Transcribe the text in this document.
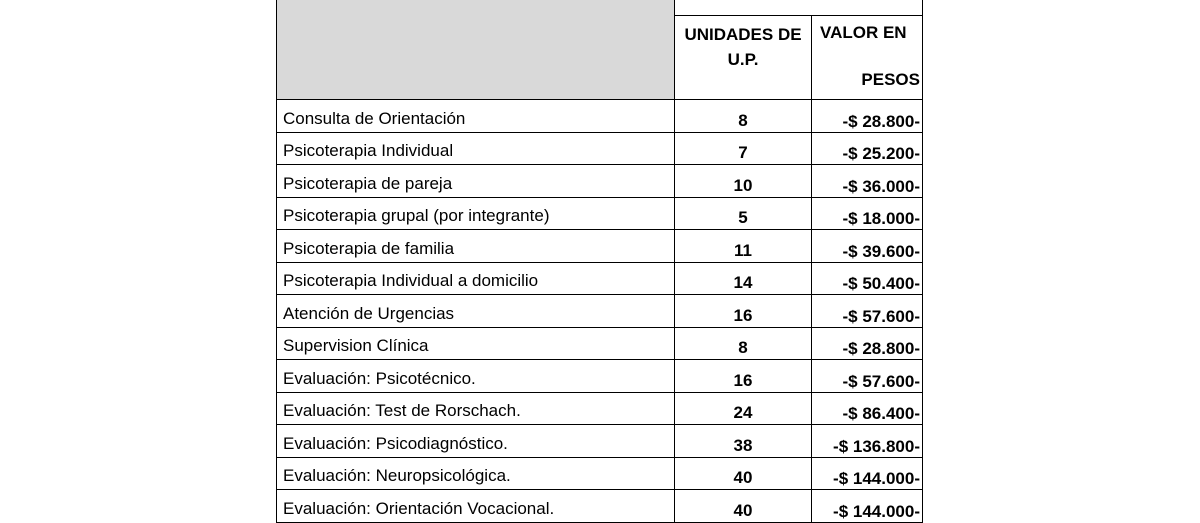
	UNIDADES DE U.P.	VALOR EN
PESOS

Consulta de Orientación	8	-$ 28.800-
Psicoterapia Individual	7	-$ 25.200-
Psicoterapia de pareja	10	-$ 36.000-
Psicoterapia grupal (por integrante)	5	-$ 18.000-
Psicoterapia de familia	11	-$ 39.600-
Psicoterapia Individual a domicilio	14	-$ 50.400-
Atención de Urgencias	16	-$ 57.600-
Supervision Clínica	8	-$ 28.800-
Evaluación: Psicotécnico.	16	-$ 57.600-
Evaluación: Test de Rorschach.	24	-$ 86.400-
Evaluación: Psicodiagnóstico.	38	-$ 136.800-
Evaluación: Neuropsicológica.	40	-$ 144.000-
Evaluación: Orientación Vocacional.	40	-$ 144.000-
